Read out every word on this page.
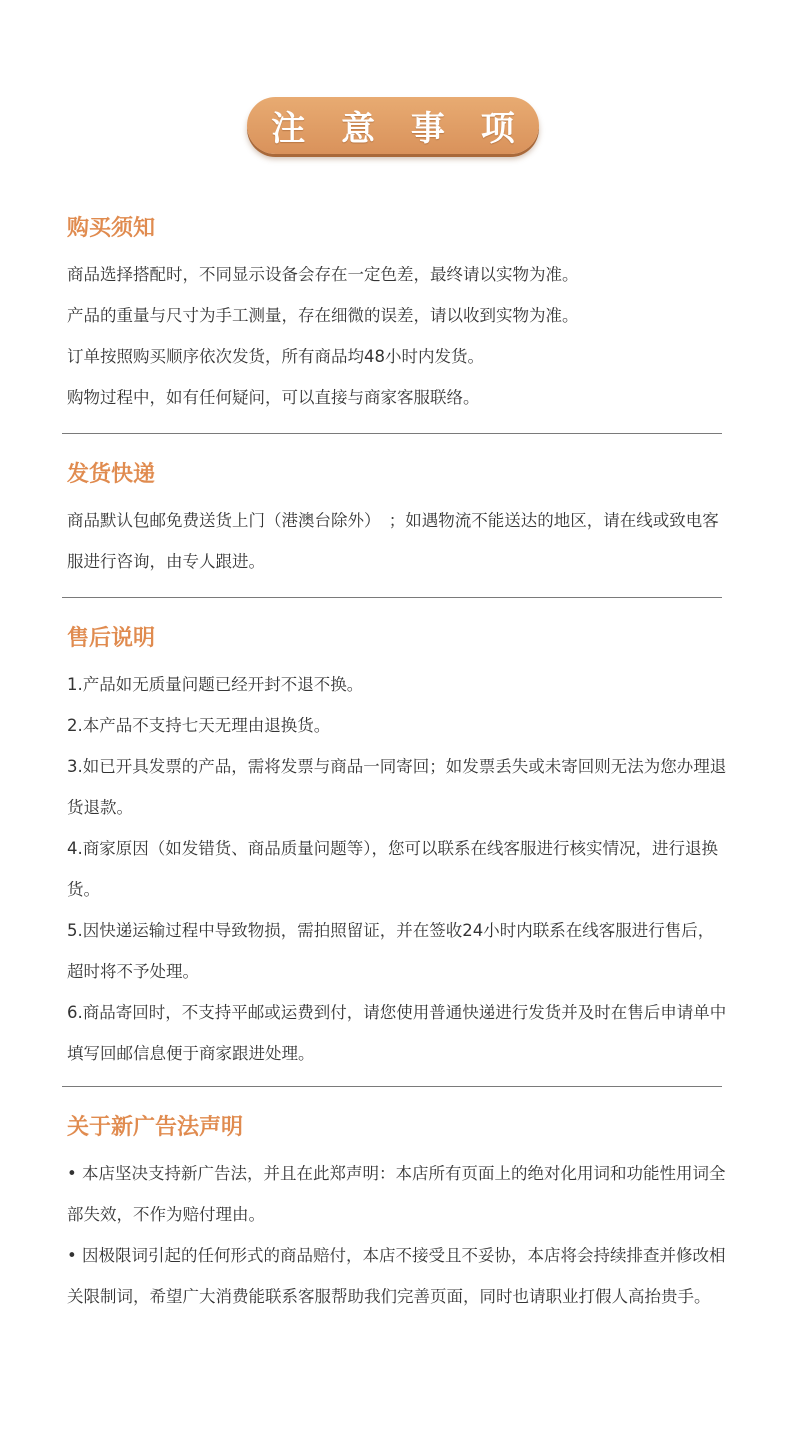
注 意 事 项
购买须知

商品选择搭配时，不同显示设备会存在一定色差，最终请以实物为准。

产品的重量与尺寸为手工测量，存在细微的误差，请以收到实物为准。

订单按照购买顺序依次发货，所有商品均48小时内发货。

购物过程中，如有任何疑问，可以直接与商家客服联络。

发货快递

商品默认包邮免费送货上门（港澳台除外）　；如遇物流不能送达的地区，请在线或致电客服进行咨询，由专人跟进。

售后说明

1.产品如无质量问题已经开封不退不换。

2.本产品不支持七天无理由退换货。

3.如已开具发票的产品，需将发票与商品一同寄回；如发票丢失或未寄回则无法为您办理退货退款。

4.商家原因（如发错货、商品质量问题等），您可以联系在线客服进行核实情况，进行退换货。

5.因快递运输过程中导致物损，需拍照留证，并在签收24小时内联系在线客服进行售后，超时将不予处理。

6.商品寄回时，不支持平邮或运费到付，请您使用普通快递进行发货并及时在售后申请单中填写回邮信息便于商家跟进处理。

关于新广告法声明

• 本店坚决支持新广告法，并且在此郑声明：本店所有页面上的绝对化用词和功能性用词全部失效，不作为赔付理由。

• 因极限词引起的任何形式的商品赔付，本店不接受且不妥协，本店将会持续排查并修改相关限制词，希望广大消费能联系客服帮助我们完善页面，同时也请职业打假人高抬贵手。
